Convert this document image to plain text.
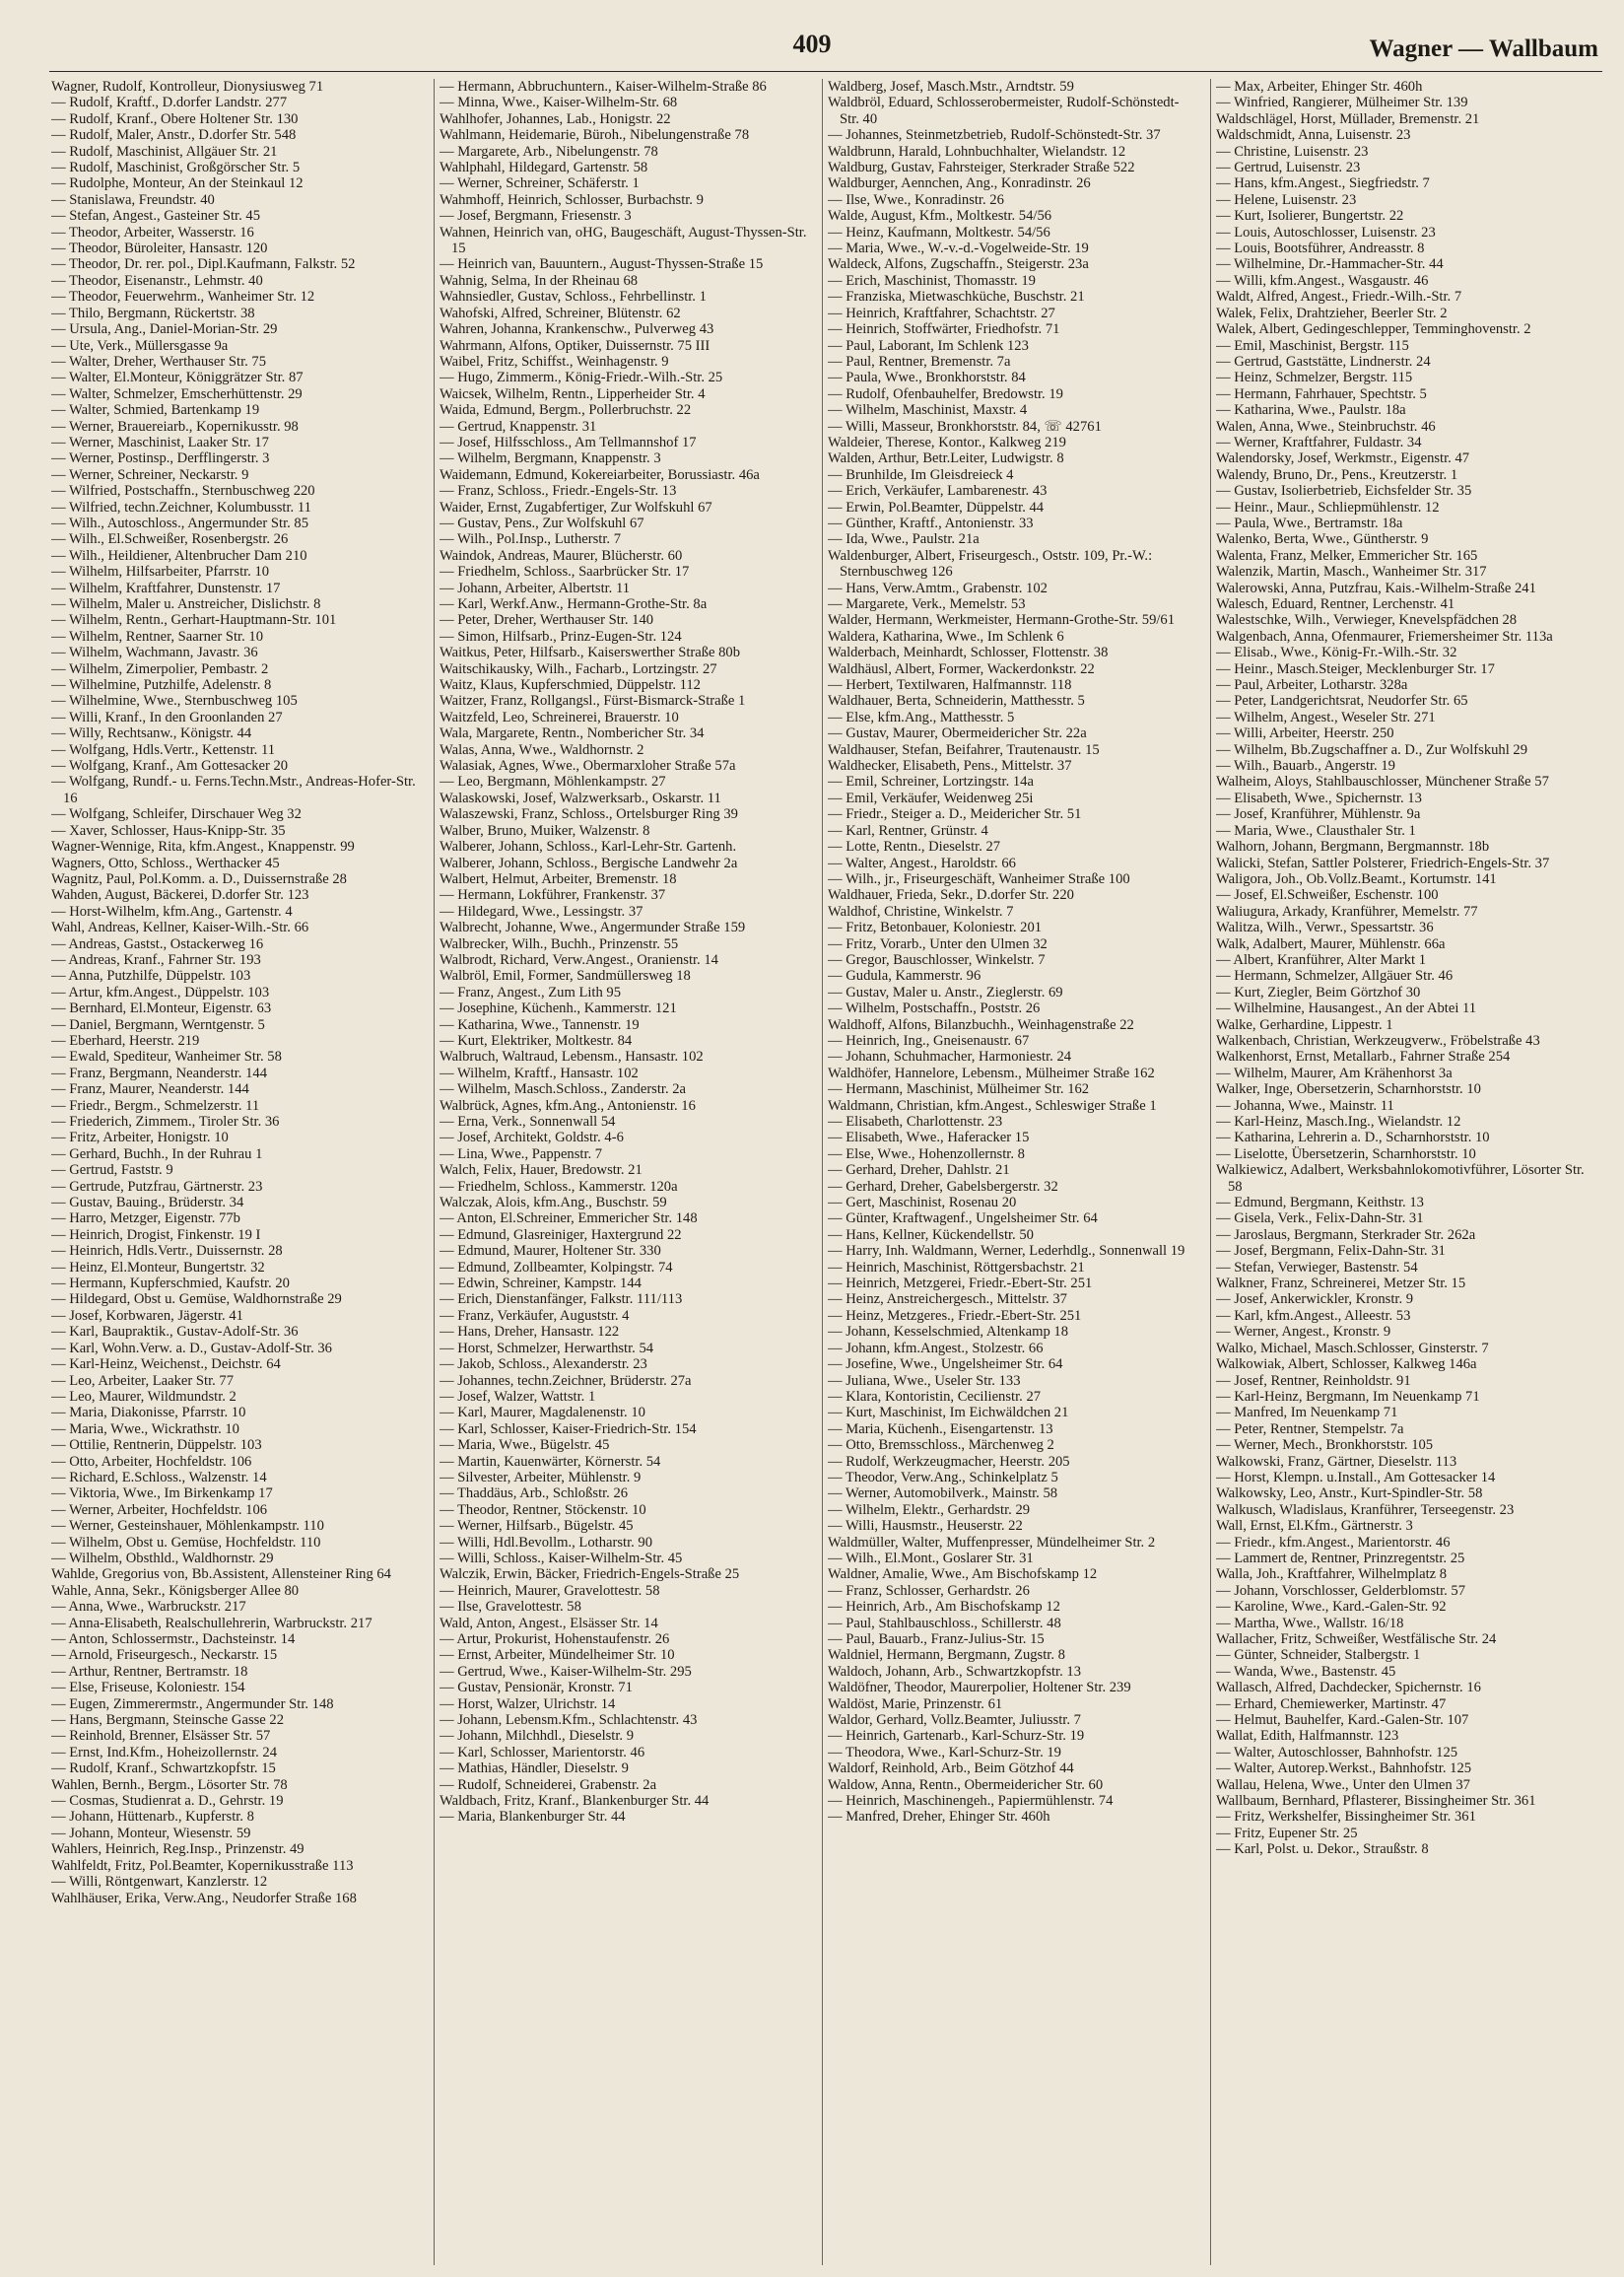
409	Wagner — Wallbaum
Wagner, Rudolf, Kontrolleur, Dionysiusweg 71
— Rudolf, Kraftf., D.dorfer Landstr. 277
— Rudolf, Kranf., Obere Holtener Str. 130
— Rudolf, Maler, Anstr., D.dorfer Str. 548
— Rudolf, Maschinist, Allgäuer Str. 21
— Rudolf, Maschinist, Großgörscher Str. 5
— Rudolphe, Monteur, An der Steinkaul 12
— Stanislawa, Freundstr. 40
— Stefan, Angest., Gasteiner Str. 45
— Theodor, Arbeiter, Wasserstr. 16
— Theodor, Büroleiter, Hansastr. 120
— Theodor, Dr. rer. pol., Dipl.Kaufmann, Falkstr. 52
— Theodor, Eisenanstr., Lehmstr. 40
— Theodor, Feuerwehrm., Wanheimer Str. 12
— Thilo, Bergmann, Rückertstr. 38
— Ursula, Ang., Daniel-Morian-Str. 29
— Ute, Verk., Müllersgasse 9a
— Walter, Dreher, Werthauser Str. 75
— Walter, El.Monteur, Königgrätzer Str. 87
— Walter, Schmelzer, Emscherhüttenstr. 29
— Walter, Schmied, Bartenkamp 19
— Werner, Brauereiarb., Kopernikusstr. 98
— Werner, Maschinist, Laaker Str. 17
— Werner, Postinsp., Derfflingerstr. 3
— Werner, Schreiner, Neckarstr. 9
— Wilfried, Postschaffn., Sternbuschweg 220
— Wilfried, techn.Zeichner, Kolumbusstr. 11
— Wilh., Autoschloss., Angermunder Str. 85
— Wilh., El.Schweißer, Rosenbergstr. 26
— Wilh., Heildiener, Altenbrucher Dam 210
— Wilhelm, Hilfsarbeiter, Pfarrstr. 10
— Wilhelm, Kraftfahrer, Dunstenstr. 17
— Wilhelm, Maler u. Anstreicher, Dislichstr. 8
— Wilhelm, Rentn., Gerhart-Hauptmann-Str. 101
— Wilhelm, Rentner, Saarner Str. 10
— Wilhelm, Wachmann, Javastr. 36
— Wilhelm, Zimerpolier, Pembastr. 2
— Wilhelmine, Putzhilfe, Adelenstr. 8
— Wilhelmine, Wwe., Sternbuschweg 105
— Willi, Kranf., In den Groonlanden 27
— Willy, Rechtsanw., Königstr. 44
— Wolfgang, Hdls.Vertr., Kettenstr. 11
— Wolfgang, Kranf., Am Gottesacker 20
— Wolfgang, Rundf.- u. Ferns.Techn.Mstr., Andreas-Hofer-Str. 16
— Wolfgang, Schleifer, Dirschauer Weg 32
— Xaver, Schlosser, Haus-Knipp-Str. 35
Wagner-Wennige, Rita, kfm.Angest., Knappenstr. 99
Wagners, Otto, Schloss., Werthacker 45
Wagnitz, Paul, Pol.Komm. a. D., Duissernstraße 28
Wahden, August, Bäckerei, D.dorfer Str. 123
— Horst-Wilhelm, kfm.Ang., Gartenstr. 4
Wahl, Andreas, Kellner, Kaiser-Wilh.-Str. 66
— Andreas, Gastst., Ostackerweg 16
— Andreas, Kranf., Fahrner Str. 193
— Anna, Putzhilfe, Düppelstr. 103
— Artur, kfm.Angest., Düppelstr. 103
— Bernhard, El.Monteur, Eigenstr. 63
— Daniel, Bergmann, Werntgenstr. 5
— Eberhard, Heerstr. 219
— Ewald, Spediteur, Wanheimer Str. 58
— Franz, Bergmann, Neanderstr. 144
— Franz, Maurer, Neanderstr. 144
— Friedr., Bergm., Schmelzerstr. 11
— Friederich, Zimmem., Tiroler Str. 36
— Fritz, Arbeiter, Honigstr. 10
— Gerhard, Buchh., In der Ruhrau 1
— Gertrud, Faststr. 9
— Gertrude, Putzfrau, Gärtnerstr. 23
— Gustav, Bauing., Brüderstr. 34
— Harro, Metzger, Eigenstr. 77b
— Heinrich, Drogist, Finkenstr. 19 I
— Heinrich, Hdls.Vertr., Duissernstr. 28
— Heinz, El.Monteur, Bungertstr. 32
— Hermann, Kupferschmied, Kaufstr. 20
— Hildegard, Obst u. Gemüse, Waldhornstraße 29
— Josef, Korbwaren, Jägerstr. 41
— Karl, Baupraktik., Gustav-Adolf-Str. 36
— Karl, Wohn.Verw. a. D., Gustav-Adolf-Str. 36
— Karl-Heinz, Weichenst., Deichstr. 64
— Leo, Arbeiter, Laaker Str. 77
— Leo, Maurer, Wildmundstr. 2
— Maria, Diakonisse, Pfarrstr. 10
— Maria, Wwe., Wickrathstr. 10
— Ottilie, Rentnerin, Düppelstr. 103
— Otto, Arbeiter, Hochfeldstr. 106
— Richard, E.Schloss., Walzenstr. 14
— Viktoria, Wwe., Im Birkenkamp 17
— Werner, Arbeiter, Hochfeldstr. 106
— Werner, Gesteinshauer, Möhlenkampstr. 110
— Wilhelm, Obst u. Gemüse, Hochfeldstr. 110
— Wilhelm, Obsthld., Waldhornstr. 29
Wahlde, Gregorius von, Bb.Assistent, Allensteiner Ring 64
Wahle, Anna, Sekr., Königsberger Allee 80
— Anna, Wwe., Warbruckstr. 217
— Anna-Elisabeth, Realschullehrerin, Warbruckstr. 217
— Anton, Schlossermstr., Dachsteinstr. 14
— Arnold, Friseurgesch., Neckarstr. 15
— Arthur, Rentner, Bertramstr. 18
— Else, Friseuse, Koloniestr. 154
— Eugen, Zimmerermstr., Angermunder Str. 148
— Hans, Bergmann, Steinsche Gasse 22
— Reinhold, Brenner, Elsässer Str. 57
— Ernst, Ind.Kfm., Hoheizollernstr. 24
— Rudolf, Kranf., Schwartzkopfstr. 15
Wahlen, Bernh., Bergm., Lösorter Str. 78
— Cosmas, Studienrat a. D., Gehrstr. 19
— Johann, Hüttenarb., Kupferstr. 8
— Johann, Monteur, Wiesenstr. 59
Wahlers, Heinrich, Reg.Insp., Prinzenstr. 49
Wahlfeldt, Fritz, Pol.Beamter, Kopernikusstraße 113
— Willi, Röntgenwart, Kanzlerstr. 12
Wahlhäuser, Erika, Verw.Ang., Neudorfer Straße 168
— Hermann, Abbruchuntern., Kaiser-Wilhelm-Straße 86
— Minna, Wwe., Kaiser-Wilhelm-Str. 68
Wahlhofer, Johannes, Lab., Honigstr. 22
Wahlmann, Heidemarie, Büroh., Nibelungenstraße 78
— Margarete, Arb., Nibelungenstr. 78
Wahlphahl, Hildegard, Gartenstr. 58
— Werner, Schreiner, Schäferstr. 1
Wahmhoff, Heinrich, Schlosser, Burbachstr. 9
— Josef, Bergmann, Friesenstr. 3
Wahnen, Heinrich van, oHG, Baugeschäft, August-Thyssen-Str. 15
— Heinrich van, Bauuntern., August-Thyssen-Straße 15
Wahnig, Selma, In der Rheinau 68
Wahnsiedler, Gustav, Schloss., Fehrbellinstr. 1
Wahofski, Alfred, Schreiner, Blütenstr. 62
Wahren, Johanna, Krankenschw., Pulverweg 43
Wahrmann, Alfons, Optiker, Duissernstr. 75 III
Waibel, Fritz, Schiffst., Weinhagenstr. 9
— Hugo, Zimmerm., König-Friedr.-Wilh.-Str. 25
Waicsek, Wilhelm, Rentn., Lipperheider Str. 4
Waida, Edmund, Bergm., Pollerbruchstr. 22
— Gertrud, Knappenstr. 31
— Josef, Hilfsschloss., Am Tellmannshof 17
— Wilhelm, Bergmann, Knappenstr. 3
Waidemann, Edmund, Kokereiarbeiter, Borussiastr. 46a
— Franz, Schloss., Friedr.-Engels-Str. 13
Waider, Ernst, Zugabfertiger, Zur Wolfskuhl 67
— Gustav, Pens., Zur Wolfskuhl 67
— Wilh., Pol.Insp., Lutherstr. 7
Waindok, Andreas, Maurer, Blücherstr. 60
— Friedhelm, Schloss., Saarbrücker Str. 17
— Johann, Arbeiter, Albertstr. 11
— Karl, Werkf.Anw., Hermann-Grothe-Str. 8a
— Peter, Dreher, Werthauser Str. 140
— Simon, Hilfsarb., Prinz-Eugen-Str. 124
Waitkus, Peter, Hilfsarb., Kaiserswerther Straße 80b
Waitschikausky, Wilh., Facharb., Lortzingstr. 27
Waitz, Klaus, Kupferschmied, Düppelstr. 112
Waitzer, Franz, Rollgangsl., Fürst-Bismarck-Straße 1
Waitzfeld, Leo, Schreinerei, Brauerstr. 10
Wala, Margarete, Rentn., Nombericher Str. 34
Walas, Anna, Wwe., Waldhornstr. 2
Walasiak, Agnes, Wwe., Obermarxloher Straße 57a
— Leo, Bergmann, Möhlenkampstr. 27
Walaskowski, Josef, Walzwerksarb., Oskarstr. 11
Walaszewski, Franz, Schloss., Ortelsburger Ring 39
Walber, Bruno, Muiker, Walzenstr. 8
Walberer, Johann, Schloss., Karl-Lehr-Str. Gartenh.
Walberer, Johann, Schloss., Bergische Landwehr 2a
Walbert, Helmut, Arbeiter, Bremenstr. 18
— Hermann, Lokführer, Frankenstr. 37
— Hildegard, Wwe., Lessingstr. 37
Walbrecht, Johanne, Wwe., Angermunder Straße 159
Walbrecker, Wilh., Buchh., Prinzenstr. 55
Walbrodt, Richard, Verw.Angest., Oranienstr. 14
Walbröl, Emil, Former, Sandmüllersweg 18
— Franz, Angest., Zum Lith 95
— Josephine, Küchenh., Kammerstr. 121
— Katharina, Wwe., Tannenstr. 19
— Kurt, Elektriker, Moltkestr. 84
Walbruch, Waltraud, Lebensm., Hansastr. 102
— Wilhelm, Kraftf., Hansastr. 102
— Wilhelm, Masch.Schloss., Zanderstr. 2a
Walbrück, Agnes, kfm.Ang., Antonienstr. 16
— Erna, Verk., Sonnenwall 54
— Josef, Architekt, Goldstr. 4-6
— Lina, Wwe., Pappenstr. 7
Walch, Felix, Hauer, Bredowstr. 21
— Friedhelm, Schloss., Kammerstr. 120a
Walczak, Alois, kfm.Ang., Buschstr. 59
— Anton, El.Schreiner, Emmericher Str. 148
— Edmund, Glasreiniger, Haxtergrund 22
— Edmund, Maurer, Holtener Str. 330
— Edmund, Zollbeamter, Kolpingstr. 74
— Edwin, Schreiner, Kampstr. 144
— Erich, Dienstanfänger, Falkstr. 111/113
— Franz, Verkäufer, Auguststr. 4
— Hans, Dreher, Hansastr. 122
— Horst, Schmelzer, Herwarthstr. 54
— Jakob, Schloss., Alexanderstr. 23
— Johannes, techn.Zeichner, Brüderstr. 27a
— Josef, Walzer, Wattstr. 1
— Karl, Maurer, Magdalenenstr. 10
— Karl, Schlosser, Kaiser-Friedrich-Str. 154
— Maria, Wwe., Bügelstr. 45
— Martin, Kauenwärter, Körnerstr. 54
— Silvester, Arbeiter, Mühlenstr. 9
— Thaddäus, Arb., Schloßstr. 26
— Theodor, Rentner, Stöckenstr. 10
— Werner, Hilfsarb., Bügelstr. 45
— Willi, Hdl.Bevollm., Lotharstr. 90
— Willi, Schloss., Kaiser-Wilhelm-Str. 45
Walczik, Erwin, Bäcker, Friedrich-Engels-Straße 25
— Heinrich, Maurer, Gravelottestr. 58
— Ilse, Gravelottestr. 58
Wald, Anton, Angest., Elsässer Str. 14
— Artur, Prokurist, Hohenstaufenstr. 26
— Ernst, Arbeiter, Mündelheimer Str. 10
— Gertrud, Wwe., Kaiser-Wilhelm-Str. 295
— Gustav, Pensionär, Kronstr. 71
— Horst, Walzer, Ulrichstr. 14
— Johann, Lebensm.Kfm., Schlachtenstr. 43
— Johann, Milchhdl., Dieselstr. 9
— Karl, Schlosser, Marientorstr. 46
— Mathias, Händler, Dieselstr. 9
— Rudolf, Schneiderei, Grabenstr. 2a
Waldbach, Fritz, Kranf., Blankenburger Str. 44
— Maria, Blankenburger Str. 44
Waldberg, Josef, Masch.Mstr., Arndtstr. 59
Waldbröl, Eduard, Schlosserobermeister, Rudolf-Schönstedt-Str. 40
— Johannes, Steinmetzbetrieb, Rudolf-Schönstedt-Str. 37
Waldbrunn, Harald, Lohnbuchhalter, Wielandstr. 12
Waldburg, Gustav, Fahrsteiger, Sterkrader Straße 522
Waldburger, Aennchen, Ang., Konradinstr. 26
— Ilse, Wwe., Konradinstr. 26
Walde, August, Kfm., Moltkestr. 54/56
— Heinz, Kaufmann, Moltkestr. 54/56
— Maria, Wwe., W.-v.-d.-Vogelweide-Str. 19
Waldeck, Alfons, Zugschaffn., Steigerstr. 23a
— Erich, Maschinist, Thomasstr. 19
— Franziska, Mietwaschküche, Buschstr. 21
— Heinrich, Kraftfahrer, Schachtstr. 27
— Heinrich, Stoffwärter, Friedhofstr. 71
— Paul, Laborant, Im Schlenk 123
— Paul, Rentner, Bremenstr. 7a
— Paula, Wwe., Bronkhorststr. 84
— Rudolf, Ofenbauhelfer, Bredowstr. 19
— Wilhelm, Maschinist, Maxstr. 4
— Willi, Masseur, Bronkhorststr. 84, ☏ 42761
Waldeier, Therese, Kontor., Kalkweg 219
Walden, Arthur, Betr.Leiter, Ludwigstr. 8
— Brunhilde, Im Gleisdreieck 4
— Erich, Verkäufer, Lambarenestr. 43
— Erwin, Pol.Beamter, Düppelstr. 44
— Günther, Kraftf., Antonienstr. 33
— Ida, Wwe., Paulstr. 21a
Waldenburger, Albert, Friseurgesch., Oststr. 109, Pr.-W.: Sternbuschweg 126
— Hans, Verw.Amtm., Grabenstr. 102
— Margarete, Verk., Memelstr. 53
Walder, Hermann, Werkmeister, Hermann-Grothe-Str. 59/61
Waldera, Katharina, Wwe., Im Schlenk 6
Walderbach, Meinhardt, Schlosser, Flottenstr. 38
Waldhäusl, Albert, Former, Wackerdonkstr. 22
— Herbert, Textilwaren, Halfmannstr. 118
Waldhauer, Berta, Schneiderin, Matthesstr. 5
— Else, kfm.Ang., Matthesstr. 5
— Gustav, Maurer, Obermeidericher Str. 22a
Waldhauser, Stefan, Beifahrer, Trautenaustr. 15
Waldhecker, Elisabeth, Pens., Mittelstr. 37
— Emil, Schreiner, Lortzingstr. 14a
— Emil, Verkäufer, Weidenweg 25i
— Friedr., Steiger a. D., Meidericher Str. 51
— Karl, Rentner, Grünstr. 4
— Lotte, Rentn., Dieselstr. 27
— Walter, Angest., Haroldstr. 66
— Wilh., jr., Friseurgeschäft, Wanheimer Straße 100
Waldhauer, Frieda, Sekr., D.dorfer Str. 220
Waldhof, Christine, Winkelstr. 7
— Fritz, Betonbauer, Koloniestr. 201
— Fritz, Vorarb., Unter den Ulmen 32
— Gregor, Bauschlosser, Winkelstr. 7
— Gudula, Kammerstr. 96
— Gustav, Maler u. Anstr., Zieglerstr. 69
— Wilhelm, Postschaffn., Poststr. 26
Waldhoff, Alfons, Bilanzbuchh., Weinhagenstraße 22
— Heinrich, Ing., Gneisenaustr. 67
— Johann, Schuhmacher, Harmoniestr. 24
Waldhöfer, Hannelore, Lebensm., Mülheimer Straße 162
— Hermann, Maschinist, Mülheimer Str. 162
Waldmann, Christian, kfm.Angest., Schleswiger Straße 1
— Elisabeth, Charlottenstr. 23
— Elisabeth, Wwe., Haferacker 15
— Else, Wwe., Hohenzollernstr. 8
— Gerhard, Dreher, Dahlstr. 21
— Gerhard, Dreher, Gabelsbergerstr. 32
— Gert, Maschinist, Rosenau 20
— Günter, Kraftwagenf., Ungelsheimer Str. 64
— Hans, Kellner, Kückendellstr. 50
— Harry, Inh. Waldmann, Werner, Lederhdlg., Sonnenwall 19
— Heinrich, Maschinist, Röttgersbachstr. 21
— Heinrich, Metzgerei, Friedr.-Ebert-Str. 251
— Heinz, Anstreichergesch., Mittelstr. 37
— Heinz, Metzgeres., Friedr.-Ebert-Str. 251
— Johann, Kesselschmied, Altenkamp 18
— Johann, kfm.Angest., Stolzestr. 66
— Josefine, Wwe., Ungelsheimer Str. 64
— Juliana, Wwe., Useler Str. 133
— Klara, Kontoristin, Cecilienstr. 27
— Kurt, Maschinist, Im Eichwäldchen 21
— Maria, Küchenh., Eisengartenstr. 13
— Otto, Bremsschloss., Märchenweg 2
— Rudolf, Werkzeugmacher, Heerstr. 205
— Theodor, Verw.Ang., Schinkelplatz 5
— Werner, Automobilverk., Mainstr. 58
— Wilhelm, Elektr., Gerhardstr. 29
— Willi, Hausmstr., Heuserstr. 22
Waldmüller, Walter, Muffenpresser, Mündelheimer Str. 2
— Wilh., El.Mont., Goslarer Str. 31
Waldner, Amalie, Wwe., Am Bischofskamp 12
— Franz, Schlosser, Gerhardstr. 26
— Heinrich, Arb., Am Bischofskamp 12
— Paul, Stahlbauschloss., Schillerstr. 48
— Paul, Bauarb., Franz-Julius-Str. 15
Waldniel, Hermann, Bergmann, Zugstr. 8
Waldoch, Johann, Arb., Schwartzkopfstr. 13
Waldöfner, Theodor, Maurerpolier, Holtener Str. 239
Waldöst, Marie, Prinzenstr. 61
Waldor, Gerhard, Vollz.Beamter, Juliusstr. 7
— Heinrich, Gartenarb., Karl-Schurz-Str. 19
— Theodora, Wwe., Karl-Schurz-Str. 19
Waldorf, Reinhold, Arb., Beim Götzhof 44
Waldow, Anna, Rentn., Obermeidericher Str. 60
— Heinrich, Maschinengeh., Papiermühlenstr. 74
— Manfred, Dreher, Ehinger Str. 460h
— Max, Arbeiter, Ehinger Str. 460h
— Winfried, Rangierer, Mülheimer Str. 139
Waldschlägel, Horst, Müllader, Bremenstr. 21
Waldschmidt, Anna, Luisenstr. 23
— Christine, Luisenstr. 23
— Gertrud, Luisenstr. 23
— Hans, kfm.Angest., Siegfriedstr. 7
— Helene, Luisenstr. 23
— Kurt, Isolierer, Bungertstr. 22
— Louis, Autoschlosser, Luisenstr. 23
— Louis, Bootsführer, Andreasstr. 8
— Wilhelmine, Dr.-Hammacher-Str. 44
— Willi, kfm.Angest., Wasgaustr. 46
Waldt, Alfred, Angest., Friedr.-Wilh.-Str. 7
Walek, Felix, Drahtzieher, Beerler Str. 2
Walek, Albert, Gedingeschlepper, Temminghovenstr. 2
— Emil, Maschinist, Bergstr. 115
— Gertrud, Gaststätte, Lindnerstr. 24
— Heinz, Schmelzer, Bergstr. 115
— Hermann, Fahrhauer, Spechtstr. 5
— Katharina, Wwe., Paulstr. 18a
Walen, Anna, Wwe., Steinbruchstr. 46
— Werner, Kraftfahrer, Fuldastr. 34
Walendorsky, Josef, Werkmstr., Eigenstr. 47
Walendy, Bruno, Dr., Pens., Kreutzerstr. 1
— Gustav, Isolierbetrieb, Eichsfelder Str. 35
— Heinr., Maur., Schliepmühlenstr. 12
— Paula, Wwe., Bertramstr. 18a
Walenko, Berta, Wwe., Güntherstr. 9
Walenta, Franz, Melker, Emmericher Str. 165
Walenzik, Martin, Masch., Wanheimer Str. 317
Walerowski, Anna, Putzfrau, Kais.-Wilhelm-Straße 241
Walesch, Eduard, Rentner, Lerchenstr. 41
Walestschke, Wilh., Verwieger, Knevelspfädchen 28
Walgenbach, Anna, Ofenmaurer, Friemersheimer Str. 113a
— Elisab., Wwe., König-Fr.-Wilh.-Str. 32
— Heinr., Masch.Steiger, Mecklenburger Str. 17
— Paul, Arbeiter, Lotharstr. 328a
— Peter, Landgerichtsrat, Neudorfer Str. 65
— Wilhelm, Angest., Weseler Str. 271
— Willi, Arbeiter, Heerstr. 250
— Wilhelm, Bb.Zugschaffner a. D., Zur Wolfskuhl 29
— Wilh., Bauarb., Angerstr. 19
Walheim, Aloys, Stahlbauschlosser, Münchener Straße 57
— Elisabeth, Wwe., Spichernstr. 13
— Josef, Kranführer, Mühlenstr. 9a
— Maria, Wwe., Clausthaler Str. 1
Walhorn, Johann, Bergmann, Bergmannstr. 18b
Walicki, Stefan, Sattler Polsterer, Friedrich-Engels-Str. 37
Waligora, Joh., Ob.Vollz.Beamt., Kortumstr. 141
— Josef, El.Schweißer, Eschenstr. 100
Waliugura, Arkady, Kranführer, Memelstr. 77
Walitza, Wilh., Verwr., Spessartstr. 36
Walk, Adalbert, Maurer, Mühlenstr. 66a
— Albert, Kranführer, Alter Markt 1
— Hermann, Schmelzer, Allgäuer Str. 46
— Kurt, Ziegler, Beim Görtzhof 30
— Wilhelmine, Hausangest., An der Abtei 11
Walke, Gerhardine, Lippestr. 1
Walkenbach, Christian, Werkzeugverw., Fröbelstraße 43
Walkenhorst, Ernst, Metallarb., Fahrner Straße 254
— Wilhelm, Maurer, Am Krähenhorst 3a
Walker, Inge, Obersetzerin, Scharnhorststr. 10
— Johanna, Wwe., Mainstr. 11
— Karl-Heinz, Masch.Ing., Wielandstr. 12
— Katharina, Lehrerin a. D., Scharnhorststr. 10
— Liselotte, Übersetzerin, Scharnhorststr. 10
Walkiewicz, Adalbert, Werksbahnlokomotivführer, Lösorter Str. 58
— Edmund, Bergmann, Keithstr. 13
— Gisela, Verk., Felix-Dahn-Str. 31
— Jaroslaus, Bergmann, Sterkrader Str. 262a
— Josef, Bergmann, Felix-Dahn-Str. 31
— Stefan, Verwieger, Bastenstr. 54
Walkner, Franz, Schreinerei, Metzer Str. 15
— Josef, Ankerwickler, Kronstr. 9
— Karl, kfm.Angest., Alleestr. 53
— Werner, Angest., Kronstr. 9
Walko, Michael, Masch.Schlosser, Ginsterstr. 7
Walkowiak, Albert, Schlosser, Kalkweg 146a
— Josef, Rentner, Reinholdstr. 91
— Karl-Heinz, Bergmann, Im Neuenkamp 71
— Manfred, Im Neuenkamp 71
— Peter, Rentner, Stempelstr. 7a
— Werner, Mech., Bronkhorststr. 105
Walkowski, Franz, Gärtner, Dieselstr. 113
— Horst, Klempn. u.Install., Am Gottesacker 14
Walkowsky, Leo, Anstr., Kurt-Spindler-Str. 58
Walkusch, Wladislaus, Kranführer, Terseegenstr. 23
Wall, Ernst, El.Kfm., Gärtnerstr. 3
— Friedr., kfm.Angest., Marientorstr. 46
— Lammert de, Rentner, Prinzregentstr. 25
Walla, Joh., Kraftfahrer, Wilhelmplatz 8
— Johann, Vorschlosser, Gelderblomstr. 57
— Karoline, Wwe., Kard.-Galen-Str. 92
— Martha, Wwe., Wallstr. 16/18
Wallacher, Fritz, Schweißer, Westfälische Str. 24
— Günter, Schneider, Stalbergstr. 1
— Wanda, Wwe., Bastenstr. 45
Wallasch, Alfred, Dachdecker, Spichernstr. 16
— Erhard, Chemiewerker, Martinstr. 47
— Helmut, Bauhelfer, Kard.-Galen-Str. 107
Wallat, Edith, Halfmannstr. 123
— Walter, Autoschlosser, Bahnhofstr. 125
— Walter, Autorep.Werkst., Bahnhofstr. 125
Wallau, Helena, Wwe., Unter den Ulmen 37
Wallbaum, Bernhard, Pflasterer, Bissingheimer Str. 361
— Fritz, Werkshelfer, Bissingheimer Str. 361
— Fritz, Eupener Str. 25
— Karl, Polst. u. Dekor., Straußstr. 8
